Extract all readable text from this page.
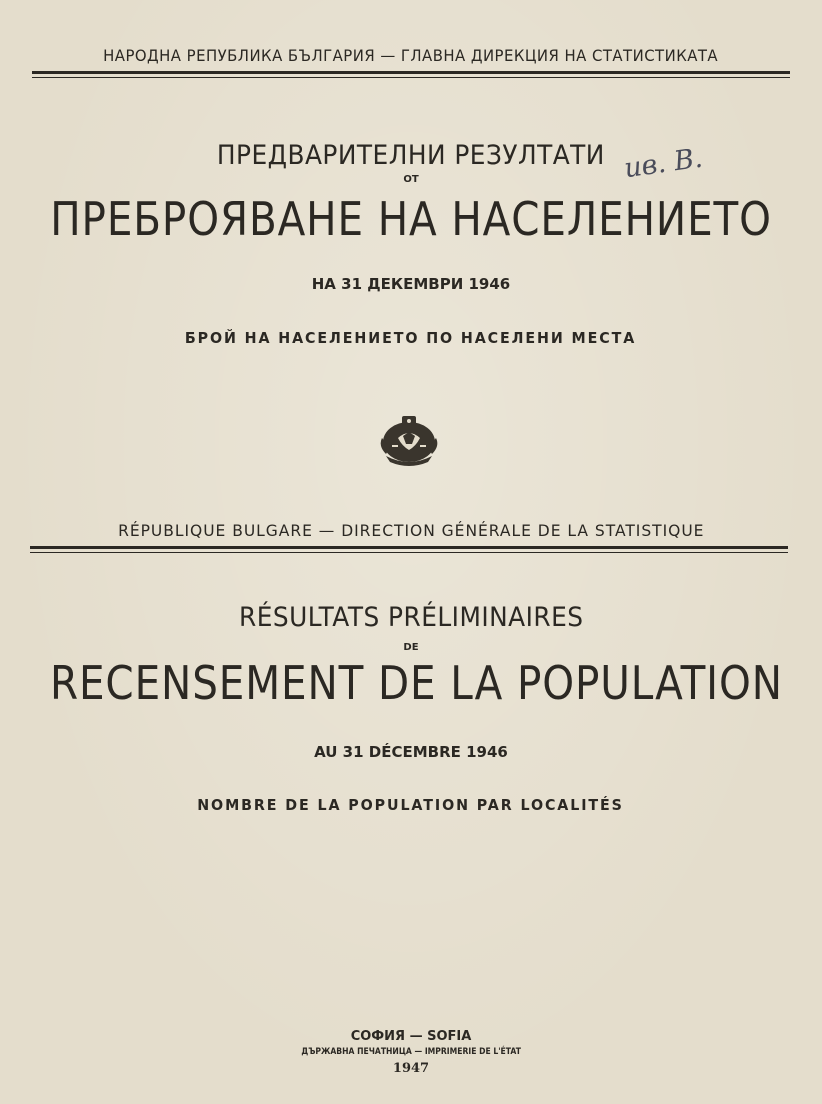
НАРОДНА РЕПУБЛИКА БЪЛГАРИЯ — ГЛАВНА ДИРЕКЦИЯ НА СТАТИСТИКАТА
ПРЕДВАРИТЕЛНИ РЕЗУЛТАТИ
ОТ
ПРЕБРОЯВАНЕ НА НАСЕЛЕНИЕТО
НА 31 ДЕКЕМВРИ 1946
БРОЙ НА НАСЕЛЕНИЕТО ПО НАСЕЛЕНИ МЕСТА
ив. В.
RÉPUBLIQUE BULGARE — DIRECTION GÉNÉRALE DE LA STATISTIQUE
RÉSULTATS PRÉLIMINAIRES
DE
RECENSEMENT DE LA POPULATION
AU 31 DÉCEMBRE 1946
NOMBRE DE LA POPULATION PAR LOCALITÉS
СОФИЯ — SOFIA
ДЪРЖАВНА ПЕЧАТНИЦА — IMPRIMERIE DE L'ÉTAT
1947
